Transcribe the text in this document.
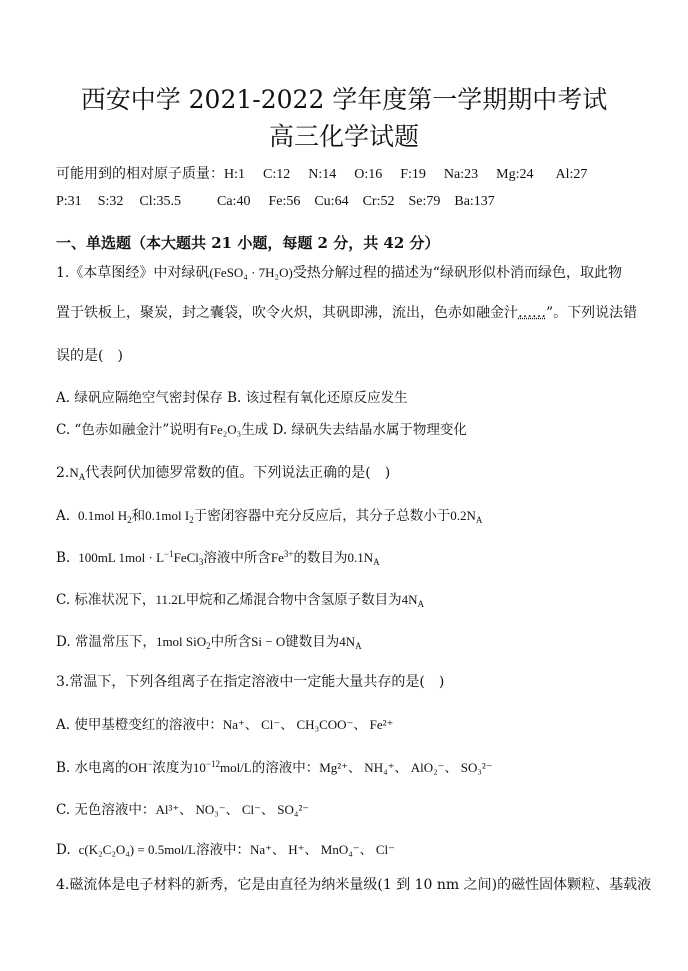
西安中学 2021-2022 学年度第一学期期中考试
高三化学试题
可能用到的相对原子质量：H:1 C:12 N:14 O:16 F:19 Na:23 Mg:24 Al:27
P:31 S:32 Cl:35.5	Ca:40 Fe:56 Cu:64 Cr:52 Se:79 Ba:137
一、单选题（本大题共 21 小题，每题 2 分，共 42 分）
1.《本草图经》中对绿矾(FeSO₄ · 7H₂O)受热分解过程的描述为“绿矾形似朴消而绿色，取此物
置于铁板上，聚炭，封之囊袋，吹令火炽，其矾即沸，流出，色赤如融金汁……”。下列说法错
误的是(　)
A. 绿矾应隔绝空气密封保存 B. 该过程有氧化还原反应发生
C. “色赤如融金汁”说明有Fe₂O₃生成 D. 绿矾失去结晶水属于物理变化
$2.N_A$代表阿伏加德罗常数的值。下列说法正确的是(　)
A. 0.1mol $H_2$和0.1mol $I_2$于密闭容器中充分反应后，其分子总数小于$0.2N_A$
B. 100mL $1mol \cdot L^{-1}FeCl_3$溶液中所含$Fe^{3+}$的数目为$0.1N_A$
C. 标准状况下，11.2L甲烷和乙烯混合物中含氢原子数目为$4N_A$
D. 常温常压下，1mol SiO$_2$中所含Si − O键数目为$4N_A$
3.常温下，下列各组离子在指定溶液中一定能大量共存的是(　)
A. 使甲基橙变红的溶液中：Na⁺、 Cl⁻、 CH₃COO⁻、 Fe²⁺
B. 水电离的OH−浓度为$10^{-12}mol/L$的溶液中：Mg²⁺、 NH₄⁺、 AlO₂⁻、 SO₃²⁻
C. 无色溶液中：Al³⁺、 NO₃⁻、 Cl⁻、 SO₄²⁻
D. c(K₂C₂O₄) = 0.5mol/L溶液中：Na⁺、 H⁺、 MnO₄⁻、 Cl⁻
4.磁流体是电子材料的新秀，它是由直径为纳米量级(1 到 10 nm 之间)的磁性固体颗粒、基载液
